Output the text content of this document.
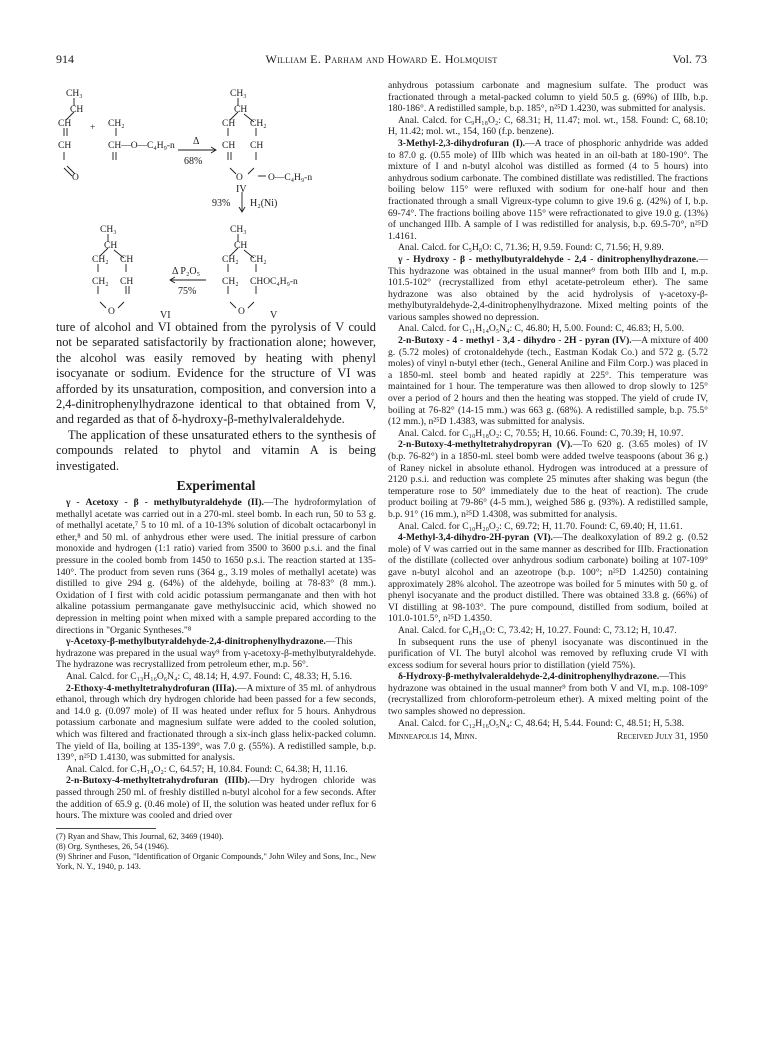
914	William E. Parham and Howard E. Holmquist	Vol. 73
CH₃
CH
CH
CH
O
+ CH₂
CH—O—C₄H₉-n Δ
68%
CH₃
CH
CH CH₂
CH CH
O	O—C₄H₉-n
IV
93% H₂(Ni)
CH₃
CH
CH₂ CH₂
CH₂ CHOC₄H₉-n
O	V
Δ P₂O₅
75%
CH₃
CH
CH₂ CH
CH₂ CH
O	VI

ture of alcohol and VI obtained from the pyrolysis of V could not be separated satisfactorily by fractionation alone; however, the alcohol was easily removed by heating with phenyl isocyanate or sodium. Evidence for the structure of VI was afforded by its unsaturation, composition, and conversion into a 2,4-dinitrophenylhydrazone identical to that obtained from V, and regarded as that of δ-hydroxy-β-methylvaleraldehyde.

The application of these unsaturated ethers to the synthesis of compounds related to phytol and vitamin A is being investigated.

Experimental

γ - Acetoxy - β - methylbutyraldehyde (II).—The hydroformylation of methallyl acetate was carried out in a 270-ml. steel bomb. In each run, 50 to 53 g. of methallyl acetate,⁷ 5 to 10 ml. of a 10-13% solution of dicobalt octacarbonyl in ether,⁸ and 50 ml. of anhydrous ether were used. The initial pressure of carbon monoxide and hydrogen (1:1 ratio) varied from 3500 to 3600 p.s.i. and the final pressure in the cooled bomb from 1450 to 1650 p.s.i. The reaction started at 135-140°. The product from seven runs (364 g., 3.19 moles of methallyl acetate) was distilled to give 294 g. (64%) of the aldehyde, boiling at 78-83° (8 mm.). Oxidation of I first with cold acidic potassium permanganate and then with hot alkaline potassium permanganate gave methylsuccinic acid, which showed no depression in melting point when mixed with a sample prepared according to the directions in "Organic Syntheses."⁸

γ-Acetoxy-β-methylbutyraldehyde-2,4-dinitrophenylhydrazone.—This hydrazone was prepared in the usual way⁹ from γ-acetoxy-β-methylbutyraldehyde. The hydrazone was recrystallized from petroleum ether, m.p. 56°.

Anal. Calcd. for C₁₃H₁₆O₆N₄: C, 48.14; H, 4.97. Found: C, 48.33; H, 5.16.

2-Ethoxy-4-methyltetrahydrofuran (IIIa).—A mixture of 35 ml. of anhydrous ethanol, through which dry hydrogen chloride had been passed for a few seconds, and 14.0 g. (0.097 mole) of II was heated under reflux for 5 hours. Anhydrous potassium carbonate and magnesium sulfate were added to the cooled solution, which was filtered and fractionated through a six-inch glass helix-packed column. The yield of IIa, boiling at 135-139°, was 7.0 g. (55%). A redistilled sample, b.p. 139°, n²⁵D 1.4130, was submitted for analysis.

Anal. Calcd. for C₇H₁₄O₂: C, 64.57; H, 10.84. Found: C, 64.38; H, 11.16.

2-n-Butoxy-4-methyltetrahydrofuran (IIIb).—Dry hydrogen chloride was passed through 250 ml. of freshly distilled n-butyl alcohol for a few seconds. After the addition of 65.9 g. (0.46 mole) of II, the solution was heated under reflux for 6 hours. The mixture was cooled and dried over

(7) Ryan and Shaw, This Journal, 62, 3469 (1940).

(8) Org. Syntheses, 26, 54 (1946).

(9) Shriner and Fuson, "Identification of Organic Compounds," John Wiley and Sons, Inc., New York, N. Y., 1940, p. 143.

anhydrous potassium carbonate and magnesium sulfate. The product was fractionated through a metal-packed column to yield 50.5 g. (69%) of IIIb, b.p. 180-186°. A redistilled sample, b.p. 185°, n²⁵D 1.4230, was submitted for analysis.

Anal. Calcd. for C₉H₁₈O₂: C, 68.31; H, 11.47; mol. wt., 158. Found: C, 68.10; H, 11.42; mol. wt., 154, 160 (f.p. benzene).

3-Methyl-2,3-dihydrofuran (I).—A trace of phosphoric anhydride was added to 87.0 g. (0.55 mole) of IIIb which was heated in an oil-bath at 180-190°. The mixture of I and n-butyl alcohol was distilled as formed (4 to 5 hours) into anhydrous sodium carbonate. The combined distillate was redistilled. The fractions boiling below 115° were refluxed with sodium for one-half hour and then fractionated through a small Vigreux-type column to give 19.6 g. (42%) of I, b.p. 69-74°. The fractions boiling above 115° were refractionated to give 19.0 g. (13%) of unchanged IIIb. A sample of I was redistilled for analysis, b.p. 69.5-70°, n²⁵D 1.4161.

Anal. Calcd. for C₅H₈O: C, 71.36; H, 9.59. Found: C, 71.56; H, 9.89.

γ - Hydroxy - β - methylbutyraldehyde - 2,4 - dinitrophenylhydrazone.—This hydrazone was obtained in the usual manner⁹ from both IIIb and I, m.p. 101.5-102° (recrystallized from ethyl acetate-petroleum ether). The same hydrazone was also obtained by the acid hydrolysis of γ-acetoxy-β-methylbutyraldehyde-2,4-dinitrophenylhydrazone. Mixed melting points of the various samples showed no depression.

Anal. Calcd. for C₁₁H₁₄O₅N₄: C, 46.80; H, 5.00. Found: C, 46.83; H, 5.00.

2-n-Butoxy - 4 - methyl - 3,4 - dihydro - 2H - pyran (IV).—A mixture of 400 g. (5.72 moles) of crotonaldehyde (tech., Eastman Kodak Co.) and 572 g. (5.72 moles) of vinyl n-butyl ether (tech., General Aniline and Film Corp.) was placed in a 1850-ml. steel bomb and heated rapidly at 225°. This temperature was maintained for 1 hour. The temperature was then allowed to drop slowly to 125° over a period of 2 hours and then the heating was stopped. The yield of crude IV, boiling at 76-82° (14-15 mm.) was 663 g. (68%). A redistilled sample, b.p. 75.5° (12 mm.), n²⁵D 1.4383, was submitted for analysis.

Anal. Calcd. for C₁₀H₁₈O₂: C, 70.55; H, 10.66. Found: C, 70.39; H, 10.97.

2-n-Butoxy-4-methyltetrahydropyran (V).—To 620 g. (3.65 moles) of IV (b.p. 76-82°) in a 1850-ml. steel bomb were added twelve teaspoons (about 36 g.) of Raney nickel in absolute ethanol. Hydrogen was introduced at a pressure of 2120 p.s.i. and reduction was complete 25 minutes after shaking was begun (the temperature rose to 50° immediately due to the heat of reaction). The crude product boiling at 79-86° (4-5 mm.), weighed 586 g. (93%). A redistilled sample, b.p. 91° (16 mm.), n²⁵D 1.4308, was submitted for analysis.

Anal. Calcd. for C₁₀H₂₀O₂: C, 69.72; H, 11.70. Found: C, 69.40; H, 11.61.

4-Methyl-3,4-dihydro-2H-pyran (VI).—The dealkoxylation of 89.2 g. (0.52 mole) of V was carried out in the same manner as described for IIIb. Fractionation of the distillate (collected over anhydrous sodium carbonate) boiling at 107-109° gave n-butyl alcohol and an azeotrope (b.p. 100°; n²⁵D 1.4250) containing approximately 28% alcohol. The azeotrope was boiled for 5 minutes with 50 g. of phenyl isocyanate and the product distilled. There was obtained 33.8 g. (66%) of VI distilling at 98-103°. The pure compound, distilled from sodium, boiled at 101.0-101.5°, n²⁵D 1.4350.

Anal. Calcd. for C₆H₁₀O: C, 73.42; H, 10.27. Found: C, 73.12; H, 10.47.

In subsequent runs the use of phenyl isocyanate was discontinued in the purification of VI. The butyl alcohol was removed by refluxing crude VI with excess sodium for several hours prior to distillation (yield 75%).

δ-Hydroxy-β-methylvaleraldehyde-2,4-dinitrophenylhydrazone.—This hydrazone was obtained in the usual manner⁹ from both V and VI, m.p. 108-109° (recrystallized from chloroform-petroleum ether). A mixed melting point of the two samples showed no depression.

Anal. Calcd. for C₁₂H₁₆O₅N₄: C, 48.64; H, 5.44. Found: C, 48.51; H, 5.38.

Minneapolis 14, Minn.	Received July 31, 1950
